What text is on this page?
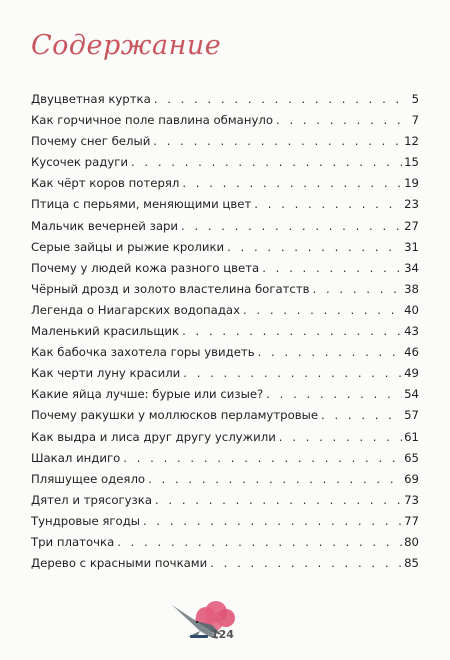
Содержание
Двуцветная куртка . . .	5
Как горчичное поле павлина обмануло . . .	7
Почему снег белый . . .	12
Кусочек радуги . . .	15
Как чёрт коров потерял . . .	19
Птица с перьями, меняющими цвет . . .	23
Мальчик вечерней зари . . .	27
Серые зайцы и рыжие кролики . . .	31
Почему у людей кожа разного цвета . . .	34
Чёрный дрозд и золото властелина богатств . . .	38
Легенда о Ниагарских водопадах . . .	40
Маленький красильщик . . .	43
Как бабочка захотела горы увидеть . . .	46
Как черти луну красили . . .	49
Какие яйца лучше: бурые или сизые? . . .	54
Почему ракушки у моллюсков перламутровые . . .	57
Как выдра и лиса друг другу услужили . . .	61
Шакал индиго . . .	65
Пляшущее одеяло . . .	69
Дятел и трясогузка . . .	73
Тундровые ягоды . . .	77
Три платочка . . .	80
Дерево с красными почками . . .	85
124
